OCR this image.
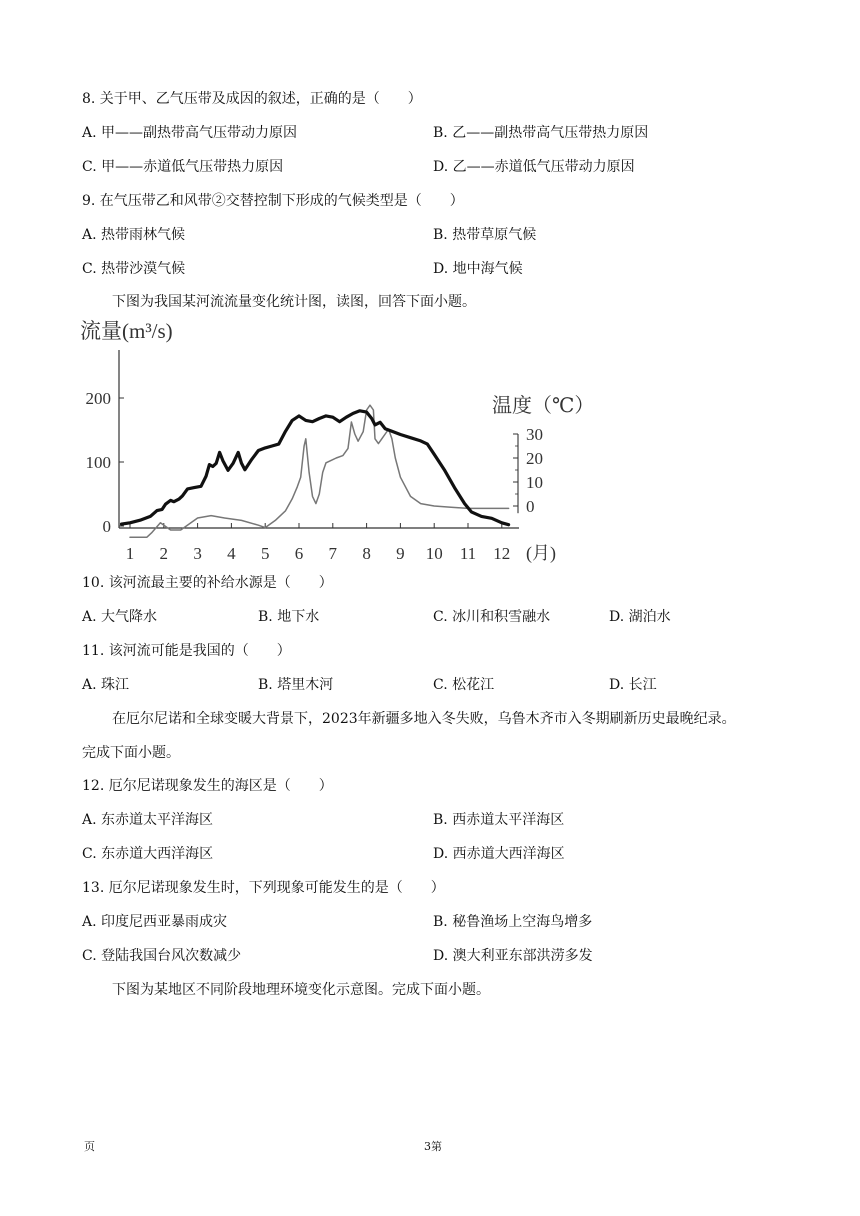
8. 关于甲、乙气压带及成因的叙述，正确的是（　　）
A. 甲——副热带高气压带动力原因	B. 乙——副热带高气压带热力原因
C. 甲——赤道低气压带热力原因	D. 乙——赤道低气压带动力原因
9. 在气压带乙和风带②交替控制下形成的气候类型是（　　）
A. 热带雨林气候	B. 热带草原气候
C. 热带沙漠气候	D. 地中海气候
下图为我国某河流流量变化统计图，读图，回答下面小题。
0
100
200
0
10
20
30
1 2 3 4 5 6 7 8 9 10 11 12
流量(m³/s)
温度（℃）
(月)
10. 该河流最主要的补给水源是（　　）
A. 大气降水	B. 地下水	C. 冰川和积雪融水	D. 湖泊水
11. 该河流可能是我国的（　　）
A. 珠江	B. 塔里木河	C. 松花江	D. 长江
在厄尔尼诺和全球变暖大背景下，2023年新疆多地入冬失败，乌鲁木齐市入冬期刷新历史最晚纪录。
完成下面小题。
12. 厄尔尼诺现象发生的海区是（　　）
A. 东赤道太平洋海区	B. 西赤道太平洋海区
C. 东赤道大西洋海区	D. 西赤道大西洋海区
13. 厄尔尼诺现象发生时，下列现象可能发生的是（　　）
A. 印度尼西亚暴雨成灾	B. 秘鲁渔场上空海鸟增多
C. 登陆我国台风次数减少	D. 澳大利亚东部洪涝多发
下图为某地区不同阶段地理环境变化示意图。完成下面小题。
页	3第
